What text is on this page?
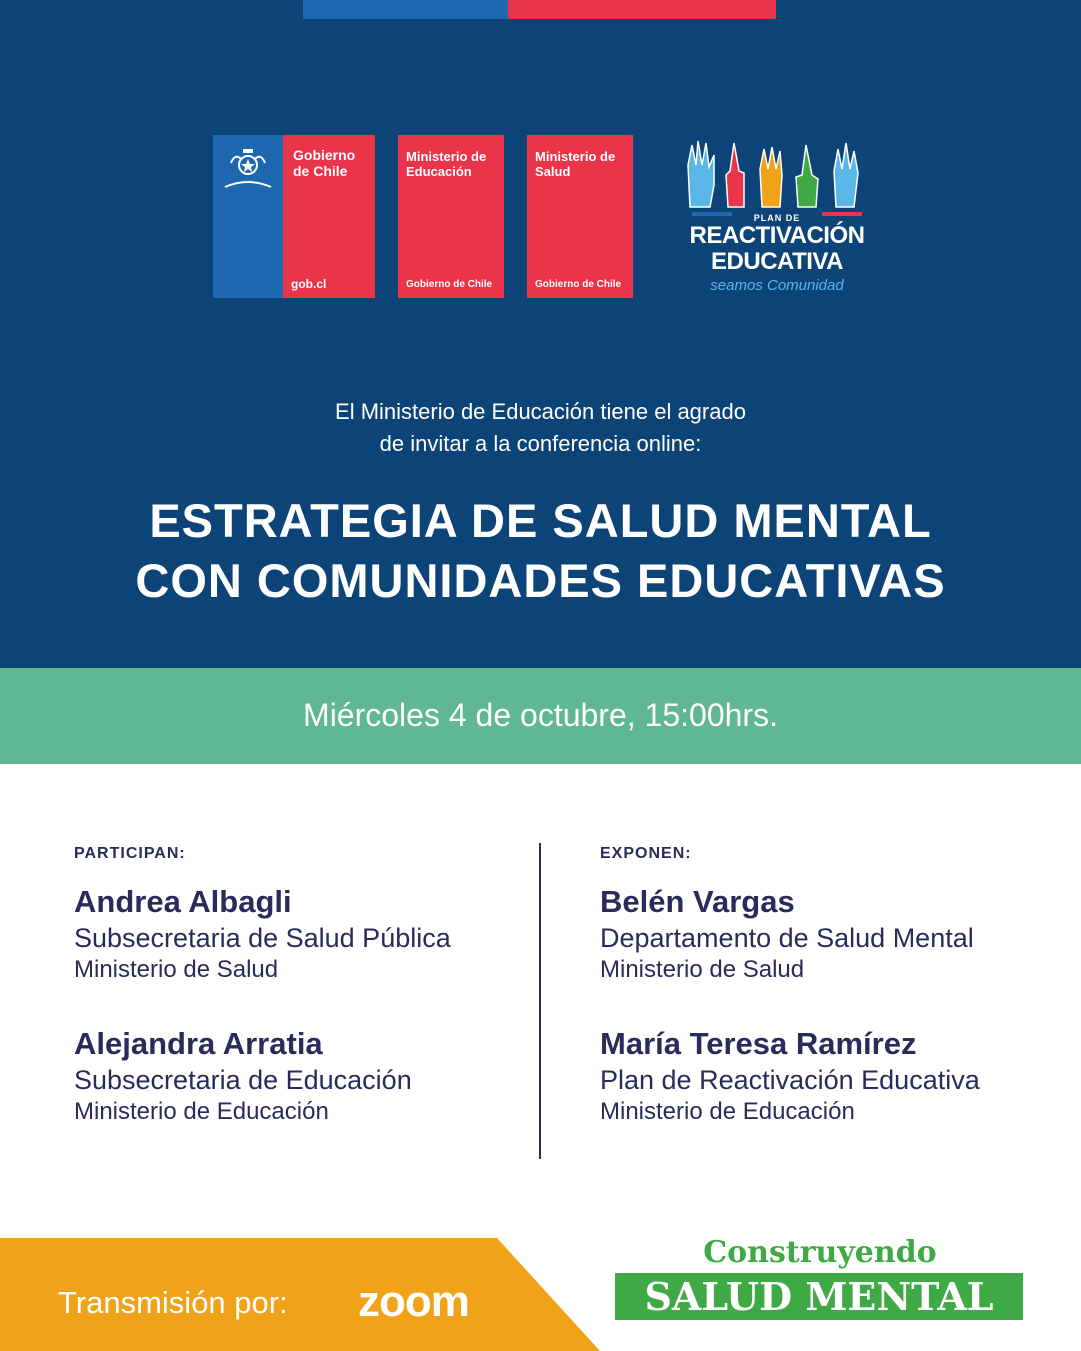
Gobierno de Chile
gob.cl
Ministerio de Educación
Gobierno de Chile
Ministerio de Salud
Gobierno de Chile
PLAN DE
REACTIVACIÓN
EDUCATIVA
seamos Comunidad
El Ministerio de Educación tiene el agrado
de invitar a la conferencia online:
ESTRATEGIA DE SALUD MENTAL
CON COMUNIDADES EDUCATIVAS
Miércoles 4 de octubre, 15:00hrs.
PARTICIPAN:
Andrea Albagli
Subsecretaria de Salud Pública
Ministerio de Salud
Alejandra Arratia
Subsecretaria de Educación
Ministerio de Educación
EXPONEN:
Belén Vargas
Departamento de Salud Mental
Ministerio de Salud
María Teresa Ramírez
Plan de Reactivación Educativa
Ministerio de Educación
Transmisión por: zoom
Construyendo
SALUD MENTAL
